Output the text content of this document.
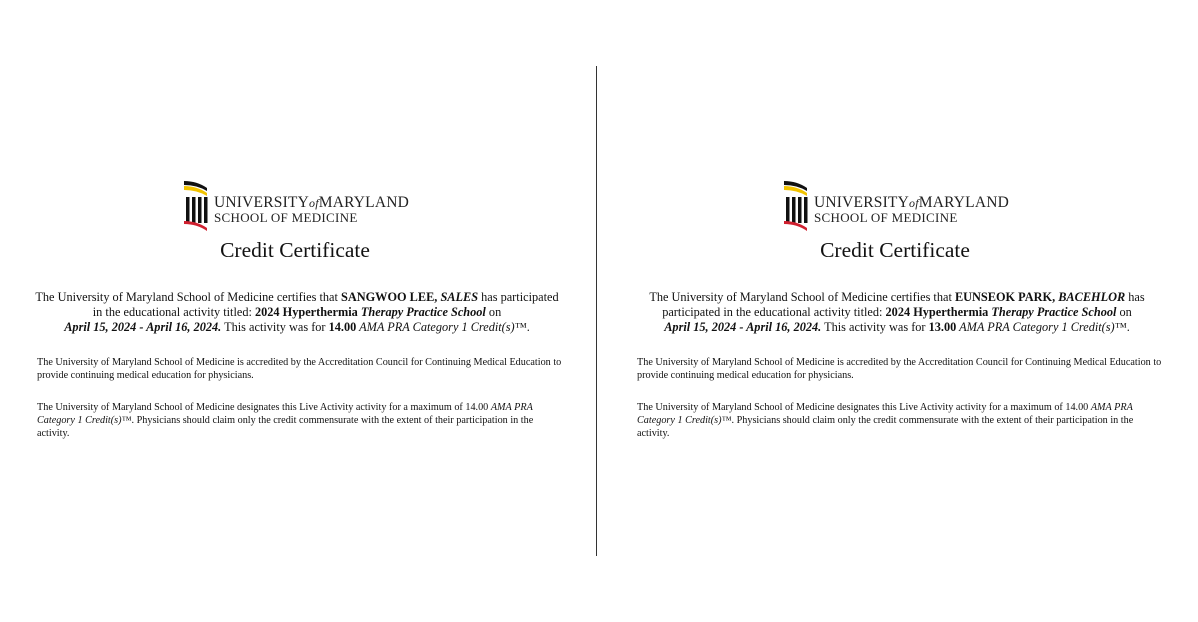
UNIVERSITYofMARYLAND
SCHOOL OF MEDICINE
Credit Certificate
The University of Maryland School of Medicine certifies that SANGWOO LEE, SALES has participated in the educational activity titled: 2024 Hyperthermia Therapy Practice School on
April 15, 2024 - April 16, 2024. This activity was for 14.00 AMA PRA Category 1 Credit(s)™.
The University of Maryland School of Medicine is accredited by the Accreditation Council for Continuing Medical Education to provide continuing medical education for physicians.
The University of Maryland School of Medicine designates this Live Activity activity for a maximum of 14.00 AMA PRA Category 1 Credit(s)™. Physicians should claim only the credit commensurate with the extent of their participation in the activity.
UNIVERSITYofMARYLAND
SCHOOL OF MEDICINE
Credit Certificate
The University of Maryland School of Medicine certifies that EUNSEOK PARK, BACEHLOR has participated in the educational activity titled: 2024 Hyperthermia Therapy Practice School on
April 15, 2024 - April 16, 2024. This activity was for 13.00 AMA PRA Category 1 Credit(s)™.
The University of Maryland School of Medicine is accredited by the Accreditation Council for Continuing Medical Education to provide continuing medical education for physicians.
The University of Maryland School of Medicine designates this Live Activity activity for a maximum of 14.00 AMA PRA Category 1 Credit(s)™. Physicians should claim only the credit commensurate with the extent of their participation in the activity.
